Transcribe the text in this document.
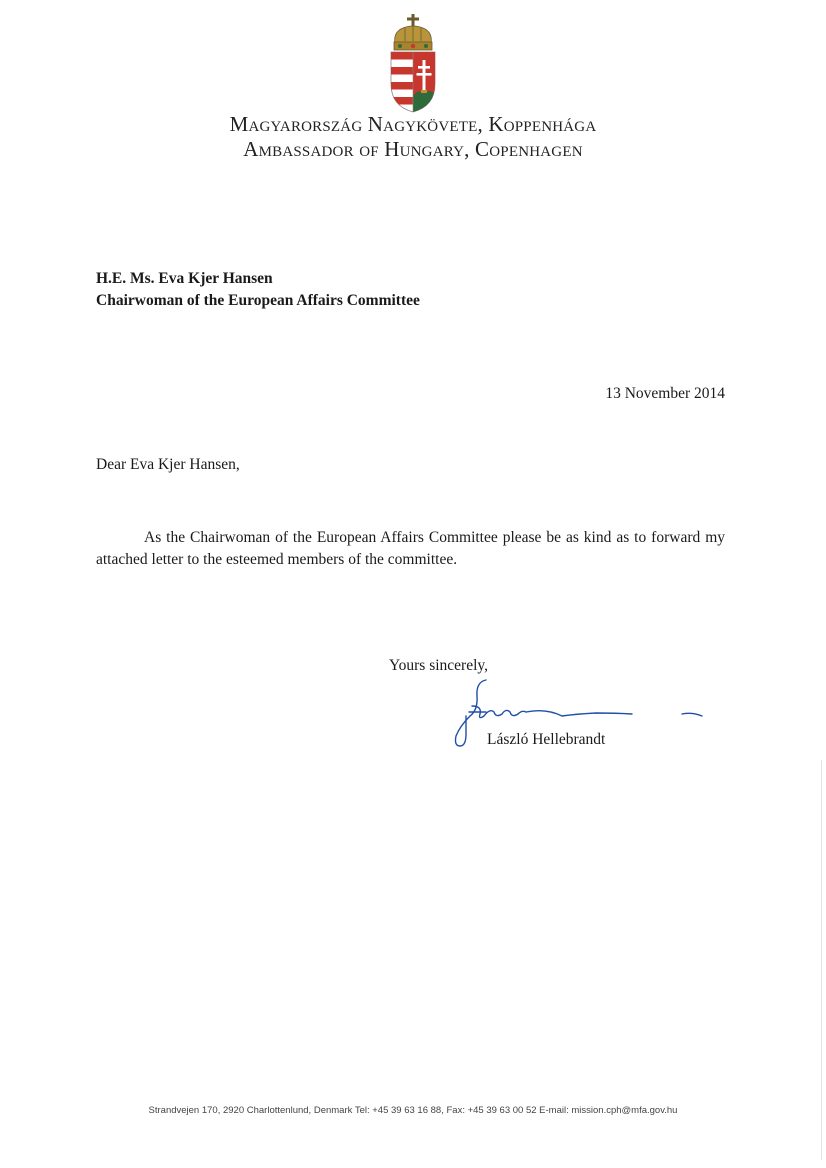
Magyarország Nagykövete, Koppenhága
Ambassador of Hungary, Copenhagen
H.E. Ms. Eva Kjer Hansen
Chairwoman of the European Affairs Committee
13 November 2014
Dear Eva Kjer Hansen,
As the Chairwoman of the European Affairs Committee please be as kind as to forward my attached letter to the esteemed members of the committee.
Yours sincerely,
László Hellebrandt
Strandvejen 170, 2920 Charlottenlund, Denmark Tel: +45 39 63 16 88, Fax: +45 39 63 00 52 E-mail: mission.cph@mfa.gov.hu
